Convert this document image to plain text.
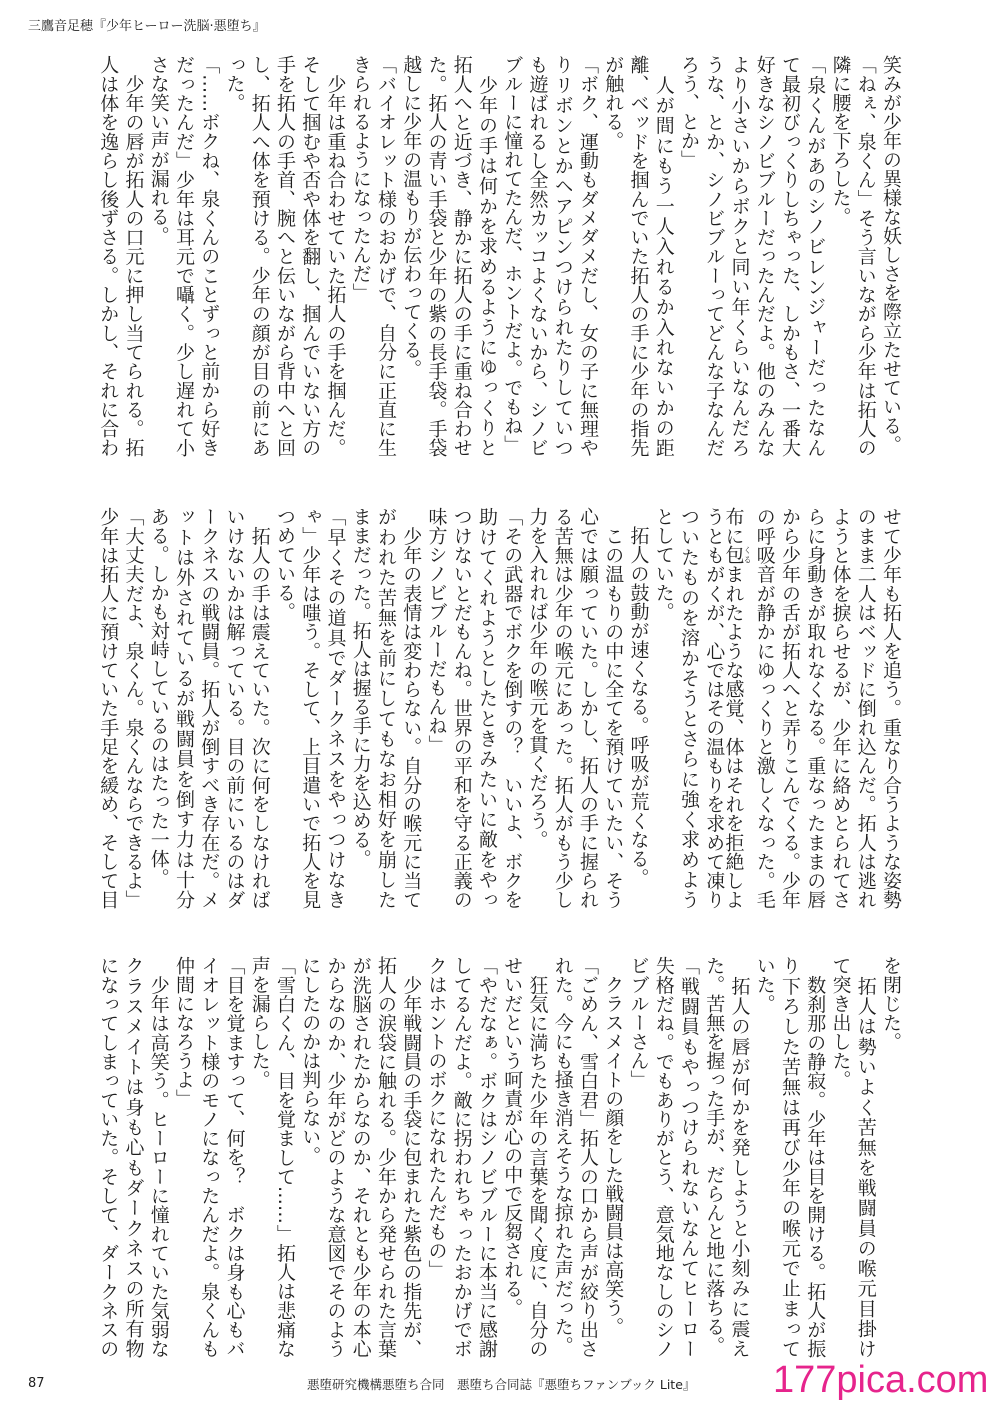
三鷹音足穂『少年ヒーロー洗脳·悪堕ち』
笑みが少年の異様な妖しさを際立たせている。
「ねぇ、泉くん」そう言いながら少年は拓人の
隣に腰を下ろした。
「泉くんがあのシノビレンジャーだったなん
て最初びっくりしちゃった、しかもさ、一番大
好きなシノビブルーだったんだよ。他のみんな
より小さいからボクと同い年くらいなんだろ
うな、とか、シノビブルーってどんな子なんだ
ろう、とか」
　人が間にもう一人入れるか入れないかの距
離、ベッドを掴んでいた拓人の手に少年の指先
が触れる。
「ボク、運動もダメダメだし、女の子に無理や
りリボンとかヘアピンつけられたりしていつ
も遊ばれるし全然カッコよくないから、シノビ
ブルーに憧れてたんだ、ホントだよ。でもね」
　少年の手は何かを求めるようにゆっくりと
拓人へと近づき、静かに拓人の手に重ね合わせ
た。拓人の青い手袋と少年の紫の長手袋。手袋
越しに少年の温もりが伝わってくる。
「バイオレット様のおかげで、自分に正直に生
きられるようになったんだ」
　少年は重ね合わせていた拓人の手を掴んだ。
そして掴むや否や体を翻し、掴んでいない方の
手を拓人の手首、腕へと伝いながら背中へと回
し、拓人へ体を預ける。少年の顔が目の前にあ
った。
「……ボクね、泉くんのことずっと前から好き
だったんだ」少年は耳元で囁く。少し遅れて小
さな笑い声が漏れる。
　少年の唇が拓人の口元に押し当てられる。拓
人は体を逸らし後ずさる。しかし、それに合わ
せて少年も拓人を追う。重なり合うような姿勢
のまま二人はベッドに倒れ込んだ。拓人は逃れ
ようと体を捩らせるが、少年に絡めとられてさ
らに身動きが取れなくなる。重なったままの唇
から少年の舌が拓人へと弄りこんでくる。少年
の呼吸音が静かにゆっくりと激しくなった。毛
布に包くるまれたような感覚、体はそれを拒絶しよ
うともがくが、心ではその温もりを求めて凍り
ついたものを溶かそうとさらに強く求めよう
としていた。
　拓人の鼓動が速くなる。呼吸が荒くなる。
　この温もりの中に全てを預けていたい、そう
心では願っていた。しかし、拓人の手に握られ
る苦無は少年の喉元にあった。拓人がもう少し
力を入れれば少年の喉元を貫くだろう。
「その武器でボクを倒すの？　いいよ、ボクを
助けてくれようとしたときみたいに敵をやっ
つけないとだもんね。世界の平和を守る正義の
味方シノビブルーだもんね」
　少年の表情は変わらない。自分の喉元に当て
がわれた苦無を前にしてもなお相好を崩した
ままだった。拓人は握る手に力を込める。
「早くその道具でダークネスをやっつけなき
ゃ」少年は嗤う。そして、上目遣いで拓人を見
つめている。
　拓人の手は震えていた。次に何をしなければ
いけないかは解っている。目の前にいるのはダ
ークネスの戦闘員。拓人が倒すべき存在だ。メ
ットは外されているが戦闘員を倒す力は十分
ある。しかも対峙しているのはたった一体。
「大丈夫だよ、泉くん。泉くんならできるよ」
少年は拓人に預けていた手足を緩め、そして目
を閉じた。
　拓人は勢いよく苦無を戦闘員の喉元目掛け
て突き出した。
　数刹那の静寂。少年は目を開ける。拓人が振
り下ろした苦無は再び少年の喉元で止まって
いた。
　拓人の唇が何かを発しようと小刻みに震え
た。苦無を握った手が、だらんと地に落ちる。
「戦闘員もやっつけられないなんてヒーロー
失格だね。でもありがとう、意気地なしのシノ
ビブルーさん」
　クラスメイトの顔をした戦闘員は高笑う。
「ごめん、雪白君」拓人の口から声が絞り出さ
れた。今にも掻き消えそうな掠れた声だった。
　狂気に満ちた少年の言葉を聞く度に、自分の
せいだという呵責が心の中で反芻される。
「やだなぁ。ボクはシノビブルーに本当に感謝
してるんだよ。敵に拐われちゃったおかげでボ
クはホントのボクになれたんだもの」
　少年戦闘員の手袋に包まれた紫色の指先が、
拓人の涙袋に触れる。少年から発せられた言葉
が洗脳されたからなのか、それとも少年の本心
からなのか、少年がどのような意図でそのよう
にしたのかは判らない。
「雪白くん、目を覚まして……」拓人は悲痛な
声を漏らした。
「目を覚ますって、何を？　ボクは身も心もバ
イオレット様のモノになったんだよ。泉くんも
仲間になろうよ」
　少年は高笑う。ヒーローに憧れていた気弱な
クラスメイトは身も心もダークネスの所有物
になってしまっていた。そして、ダークネスの
87	悪堕研究機構悪堕ち合同　悪堕ち合同誌『悪堕ちファンブック Lite』 177pica.com
